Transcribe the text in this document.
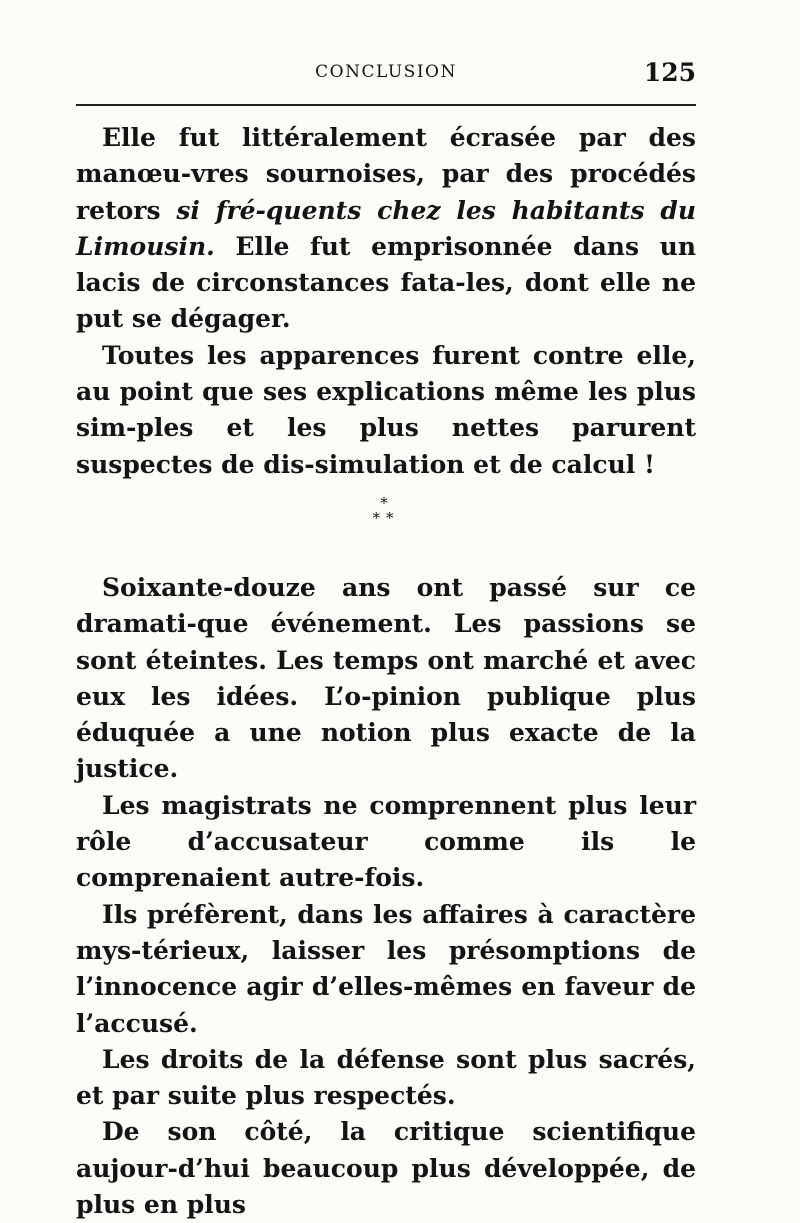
CONCLUSION	125

Elle fut littéralement écrasée par des manœu-vres sournoises, par des procédés retors si fré-quents chez les habitants du Limousin. Elle fut emprisonnée dans un lacis de circonstances fata-les, dont elle ne put se dégager.

Toutes les apparences furent contre elle, au point que ses explications même les plus sim-ples et les plus nettes parurent suspectes de dis-simulation et de calcul !

*
**

Soixante-douze ans ont passé sur ce dramati-que événement. Les passions se sont éteintes. Les temps ont marché et avec eux les idées. L’o-pinion publique plus éduquée a une notion plus exacte de la justice.

Les magistrats ne comprennent plus leur rôle d’accusateur comme ils le comprenaient autre-fois.

Ils préfèrent, dans les affaires à caractère mys-térieux, laisser les présomptions de l’innocence agir d’elles-mêmes en faveur de l’accusé.

Les droits de la défense sont plus sacrés, et par suite plus respectés.

De son côté, la critique scientifique aujour-d’hui beaucoup plus développée, de plus en plus
